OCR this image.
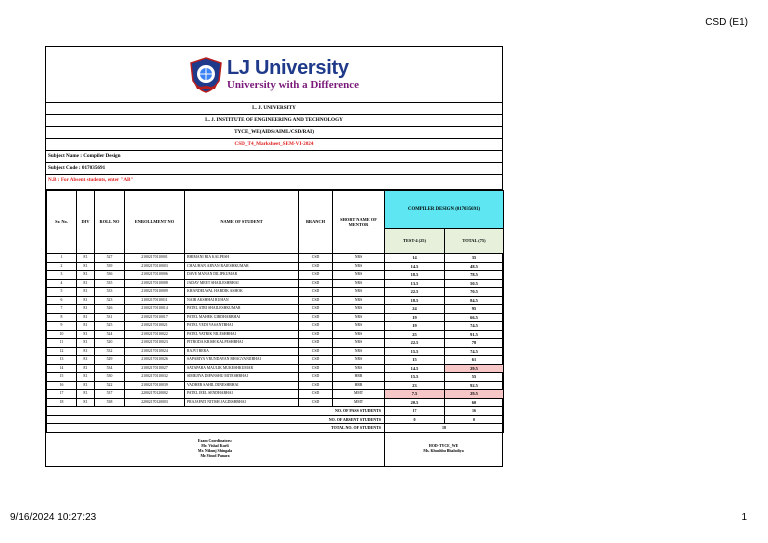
CSD (E1)
LJ University
University with a Difference
L. J. UNIVERSITY
L. J. INSTITUTE OF ENGINEERING AND TECHNOLOGY
TYCE_WE(AIDS/AIML/CSD/RAI)
CSD_T4_Marksheet_SEM-VI-2024
Subject Name : Compiler Design
Subject Code : 017035691
N.B : For Absent students, enter "AB"
Sr. No.	DIV	ROLL NO	ENROLLMENT NO	NAME OF STUDENT	BRANCH	SHORT NAME OF MENTOR	COMPILER DESIGN (017035691)	
							TEST-4 (25)	TOTAL (75)
1	E1	527	21002170110001	BHIMANI RIA KALPESH	CSD	NRS	14	35
2	E1	539	21002170110003	CHAUHAN ARYAN RAJESHKUMAR	CSD	NRS	14.5	48.5
3	E1	536	21002170110006	DAVE MANAN DILIPKUMAR	CSD	NRS	18.5	78.5
4	E1	535	21002170110008	JADAV MEET SHAILESHBHAI	CSD	NRS	13.5	50.5
5	E1	533	21002170110009	KHANDELWAL HARDIK ASHOK	CSD	NRS	22.5	70.5
6	E1	523	21002170110011	NAIR AKSHHAI RUHAN	CSD	NRS	18.5	84.5
7	E1	526	21002170110014	PATEL ATRI SHAILESHKUMAR	CSD	NRS	24	95
8	E1	531	21002170110017	PATEL MAHEK GIRDHARBHAI	CSD	NRS	19	66.5
9	E1	525	21002170110021	PATEL VEDI VASANTBHAI	CSD	NRS	19	74.5
10	E1	524	21002170110022	PATEL YATRIK NILESHBHAI	CSD	NRS	25	91.5
11	E1	520	21002170110023	PITRODA KRISH KALPESHBHAI	CSD	NRS	22.5	78
12	E1	532	21002170110024	RAJVI BERA	CSD	NRS	15.5	74.5
13	E1	529	21002170110026	SAPARIYA VRUNDAVAN BHAGVANJIBHAI	CSD	NRS	15	61
14	E1	534	21002170110027	SATAPARA MAULIK MUKESHKUMAR	CSD	NRS	14.5	29.5
15	E1	530	21002170110032	SIMEJIYA DIPANSHU MITESHBHAI	CSD	HRR	15.5	55
16	E1	522	21002170110039	VADHER SAHIL DINESHBHAI	CSD	HRR	23	92.5
17	E1	537	22002170120002	PATEL JEEL SENDHABHAI	CSD	MMT	7.5	29.5
18	E1	538	22002170120003	PRAJAPATI NITISH JAGDISHBHAI	CSD	MMT	20.5	60
NO. OF PASS STUDENTS							17	16
NO. OF ABSENT STUDENTS							0	0
TOTAL NO. OF STUDENTS							18	
Exam Coordinators:
Mr. Vishal Kurli
Mr. Nikunj Shingala
Mr.Vinod Panara
HOD-TYCE_WE
Ms. Khushbu Bhalodiya
9/16/2024 10:27:23	1
